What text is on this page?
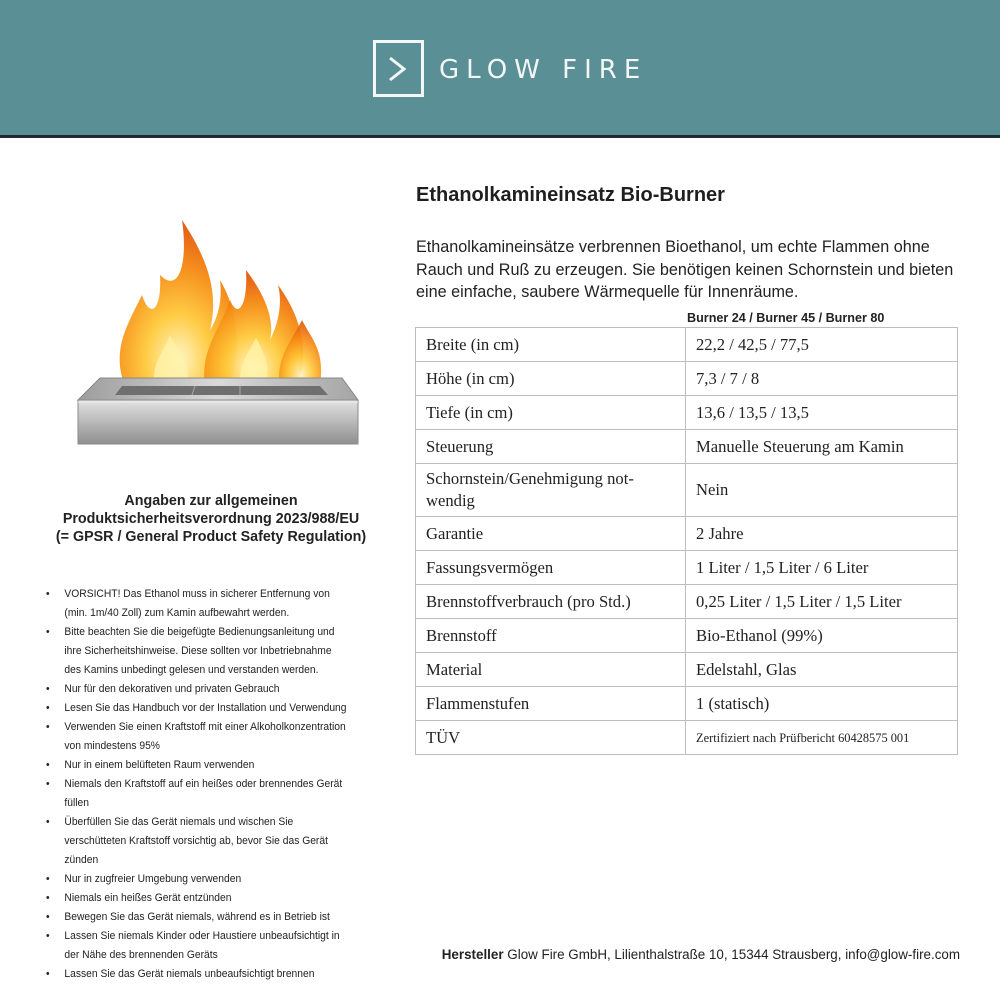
GLOW FIRE
Angaben zur allgemeinen
Produktsicherheitsverordnung 2023/988/EU
(= GPSR / General Product Safety Regulation)
• VORSICHT! Das Ethanol muss in sicherer Entfernung von (min. 1m/40 Zoll) zum Kamin aufbewahrt werden.
• Bitte beachten Sie die beigefügte Bedienungsanleitung und ihre Sicherheitshinweise. Diese sollten vor Inbetriebnahme des Kamins unbedingt gelesen und verstanden werden.
• Nur für den dekorativen und privaten Gebrauch
• Lesen Sie das Handbuch vor der Installation und Verwendung
• Verwenden Sie einen Kraftstoff mit einer Alkoholkonzentration von mindestens 95%
• Nur in einem belüfteten Raum verwenden
• Niemals den Kraftstoff auf ein heißes oder brennendes Gerät füllen
• Überfüllen Sie das Gerät niemals und wischen Sie verschütteten Kraftstoff vorsichtig ab, bevor Sie das Gerät zünden
• Nur in zugfreier Umgebung verwenden
• Niemals ein heißes Gerät entzünden
• Bewegen Sie das Gerät niemals, während es in Betrieb ist
• Lassen Sie niemals Kinder oder Haustiere unbeaufsichtigt in der Nähe des brennenden Geräts
• Lassen Sie das Gerät niemals unbeaufsichtigt brennen
Ethanolkamineinsatz Bio-Burner

Ethanolkamineinsätze verbrennen Bioethanol, um echte Flammen ohne Rauch und Ruß zu erzeugen. Sie benötigen keinen Schornstein und bieten eine einfache, saubere Wärmequelle für Innenräume.

Burner 24 / Burner 45 / Burner 80
Breite (in cm)	22,2 / 42,5 / 77,5
Höhe (in cm)	7,3 / 7 / 8
Tiefe (in cm)	13,6 / 13,5 / 13,5
Steuerung	Manuelle Steuerung am Kamin
Schornstein/Genehmigung not-wendig	Nein
Garantie	2 Jahre
Fassungsvermögen	1 Liter / 1,5 Liter / 6 Liter
Brennstoffverbrauch (pro Std.)	0,25 Liter / 1,5 Liter / 1,5 Liter
Brennstoff	Bio-Ethanol (99%)
Material	Edelstahl, Glas
Flammenstufen	1 (statisch)
TÜV	Zertifiziert nach Prüfbericht 60428575 001
Hersteller Glow Fire GmbH, Lilienthalstraße 10, 15344 Strausberg, info@glow-fire.com
